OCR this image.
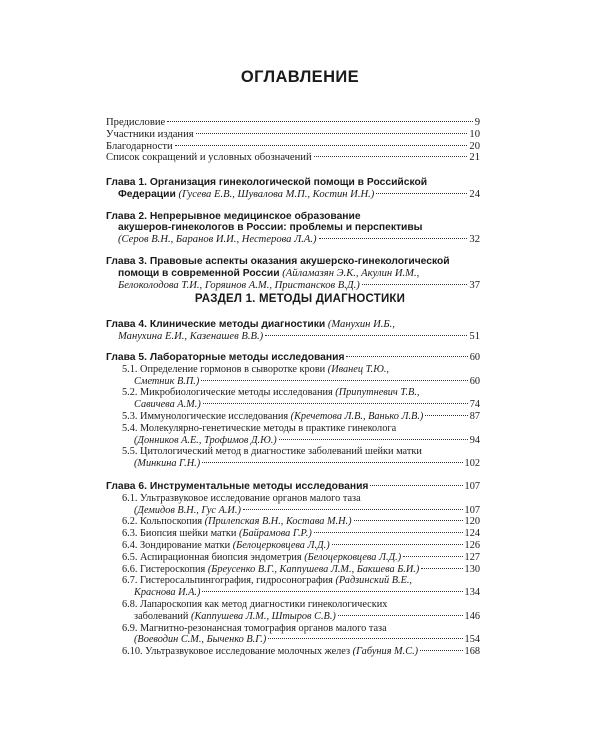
ОГЛАВЛЕНИЕ
Предисловие	9
Участники издания	10
Благодарности	20
Список сокращений и условных обозначений	21
Глава 1. Организация гинекологической помощи в Российской
Федерации (Гусева Е.В., Шувалова М.П., Костин И.Н.)	24
Глава 2. Непрерывное медицинское образование
акушеров-гинекологов в России: проблемы и перспективы
(Серов В.Н., Баранов И.И., Нестерова Л.А.)	32
Глава 3. Правовые аспекты оказания акушерско-гинекологической
помощи в современной России (Айламазян Э.К., Акулин И.М.,
Белоколодова Т.И., Горяинов А.М., Пристансков В.Д.)	37
РАЗДЕЛ 1. МЕТОДЫ ДИАГНОСТИКИ
Глава 4. Клинические методы диагностики (Манухин И.Б.,
Манухина Е.И., Казенашев В.В.)	51
Глава 5. Лабораторные методы исследования	60
5.1. Определение гормонов в сыворотке крови (Иванец Т.Ю.,
Сметник В.П.)	60
5.2. Микробиологические методы исследования (Припутневич Т.В.,
Савичева А.М.)	74
5.3. Иммунологические исследования (Кречетова Л.В., Ванько Л.В.)	87
5.4. Молекулярно-генетические методы в практике гинеколога
(Донников А.Е., Трофимов Д.Ю.)	94
5.5. Цитологический метод в диагностике заболеваний шейки матки
(Минкина Г.Н.)	102
Глава 6. Инструментальные методы исследования	107
6.1. Ультразвуковое исследование органов малого таза
(Демидов В.Н., Гус А.И.)	107
6.2. Кольпоскопия (Прилепская В.Н., Костава М.Н.)	120
6.3. Биопсия шейки матки (Байрамова Г.Р.)	124
6.4. Зондирование матки (Белоцерковцева Л.Д.)	126
6.5. Аспирационная биопсия эндометрия (Белоцерковцева Л.Д.)	127
6.6. Гистероскопия (Бреусенко В.Г., Каппушева Л.М., Бакшева Б.И.)	130
6.7. Гистеросальпингография, гидросонография (Радзинский В.Е.,
Краснова И.А.)	134
6.8. Лапароскопия как метод диагностики гинекологических
заболеваний (Каппушева Л.М., Штыров С.В.)	146
6.9. Магнитно-резонансная томография органов малого таза
(Воеводин С.М., Быченко В.Г.)	154
6.10. Ультразвуковое исследование молочных желез (Габуния М.С.)	168
